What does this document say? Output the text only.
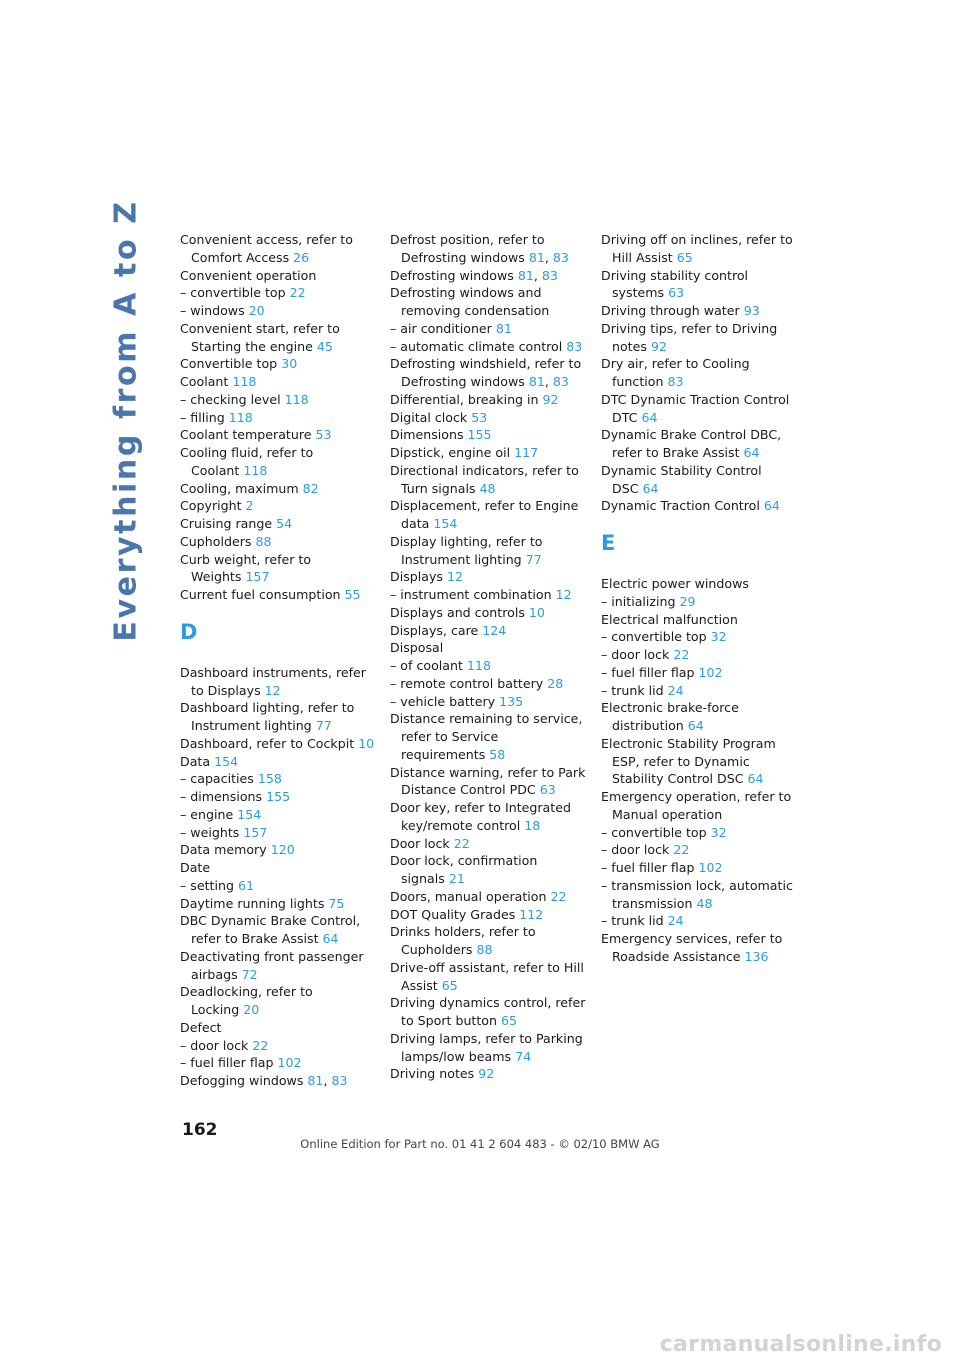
Everything from A to Z	Convenient access, refer to Comfort Access 26
Convenient operation
– convertible top 22
– windows 20
Convenient start, refer to Starting the engine 45
Convertible top 30
Coolant 118
– checking level 118
– filling 118
Coolant temperature 53
Cooling fluid, refer to Coolant 118
Cooling, maximum 82
Copyright 2
Cruising range 54
Cupholders 88
Curb weight, refer to Weights 157
Current fuel consumption 55
D
Dashboard instruments, refer to Displays 12
Dashboard lighting, refer to Instrument lighting 77
Dashboard, refer to Cockpit 10
Data 154
– capacities 158
– dimensions 155
– engine 154
– weights 157
Data memory 120
Date
– setting 61
Daytime running lights 75
DBC Dynamic Brake Control, refer to Brake Assist 64
Deactivating front passenger airbags 72
Deadlocking, refer to Locking 20
Defect
– door lock 22
– fuel filler flap 102
Defogging windows 81, 83
Defrost position, refer to Defrosting windows 81, 83
Defrosting windows 81, 83
Defrosting windows and removing condensation
– air conditioner 81
– automatic climate control 83
Defrosting windshield, refer to Defrosting windows 81, 83
Differential, breaking in 92
Digital clock 53
Dimensions 155
Dipstick, engine oil 117
Directional indicators, refer to Turn signals 48
Displacement, refer to Engine data 154
Display lighting, refer to Instrument lighting 77
Displays 12
– instrument combination 12
Displays and controls 10
Displays, care 124
Disposal
– of coolant 118
– remote control battery 28
– vehicle battery 135
Distance remaining to service, refer to Service requirements 58
Distance warning, refer to Park Distance Control PDC 63
Door key, refer to Integrated key/remote control 18
Door lock 22
Door lock, confirmation signals 21
Doors, manual operation 22
DOT Quality Grades 112
Drinks holders, refer to Cupholders 88
Drive-off assistant, refer to Hill Assist 65
Driving dynamics control, refer to Sport button 65
Driving lamps, refer to Parking lamps/low beams 74
Driving notes 92
Driving off on inclines, refer to Hill Assist 65
Driving stability control systems 63
Driving through water 93
Driving tips, refer to Driving notes 92
Dry air, refer to Cooling function 83
DTC Dynamic Traction Control DTC 64
Dynamic Brake Control DBC, refer to Brake Assist 64
Dynamic Stability Control DSC 64
Dynamic Traction Control 64
E
Electric power windows
– initializing 29
Electrical malfunction
– convertible top 32
– door lock 22
– fuel filler flap 102
– trunk lid 24
Electronic brake-force distribution 64
Electronic Stability Program ESP, refer to Dynamic Stability Control DSC 64
Emergency operation, refer to Manual operation
– convertible top 32
– door lock 22
– fuel filler flap 102
– transmission lock, automatic transmission 48
– trunk lid 24
Emergency services, refer to Roadside Assistance 136
162
Online Edition for Part no. 01 41 2 604 483 - © 02/10 BMW AG
carmanualsonline.info
